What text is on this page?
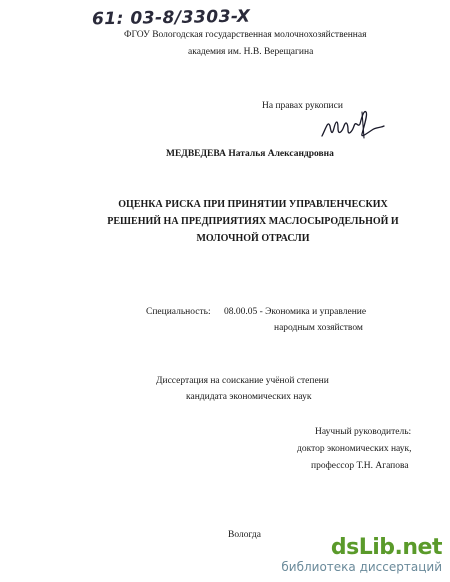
61: 03-8/3303-X
ФГОУ Вологодская государственная молочнохозяйственная
академия им. Н.В. Верещагина
На правах рукописи
МЕДВЕДЕВА Наталья Александровна
ОЦЕНКА РИСКА ПРИ ПРИНЯТИИ УПРАВЛЕНЧЕСКИХ
РЕШЕНИЙ НА ПРЕДПРИЯТИЯХ МАСЛОСЫРОДЕЛЬНОЙ И
МОЛОЧНОЙ ОТРАСЛИ
Специальность: 08.00.05 - Экономика и управление
народным хозяйством
Диссертация на соискание учёной степени
кандидата экономических наук
Научный руководитель:
доктор экономических наук,
профессор Т.Н. Агапова
Вологда	dsLib.net
библиотека диссертаций
